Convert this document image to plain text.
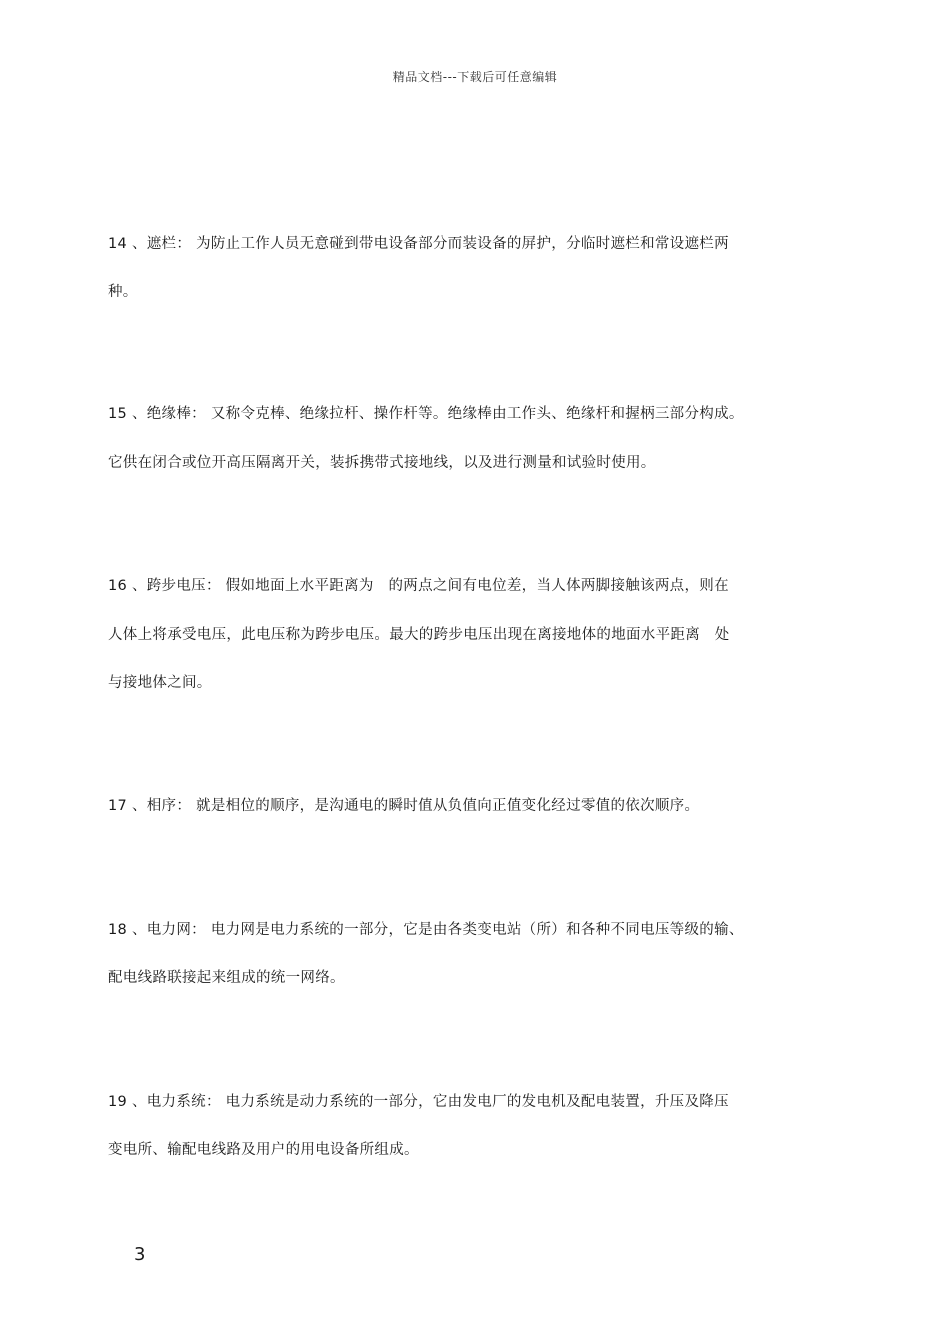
精品文档---下载后可任意编辑
14 、遮栏： 为防止工作人员无意碰到带电设备部分而装设备的屏护，分临时遮栏和常设遮栏两
种。
15 、绝缘棒： 又称令克棒、绝缘拉杆、操作杆等。绝缘棒由工作头、绝缘杆和握柄三部分构成。
它供在闭合或位开高压隔离开关，装拆携带式接地线，以及进行测量和试验时使用。
16 、跨步电压： 假如地面上水平距离为　的两点之间有电位差，当人体两脚接触该两点，则在
人体上将承受电压，此电压称为跨步电压。最大的跨步电压出现在离接地体的地面水平距离　处
与接地体之间。
17 、相序： 就是相位的顺序，是沟通电的瞬时值从负值向正值变化经过零值的依次顺序。
18 、电力网： 电力网是电力系统的一部分，它是由各类变电站（所）和各种不同电压等级的输、
配电线路联接起来组成的统一网络。
19 、电力系统： 电力系统是动力系统的一部分，它由发电厂的发电机及配电装置，升压及降压
变电所、输配电线路及用户的用电设备所组成。
3
